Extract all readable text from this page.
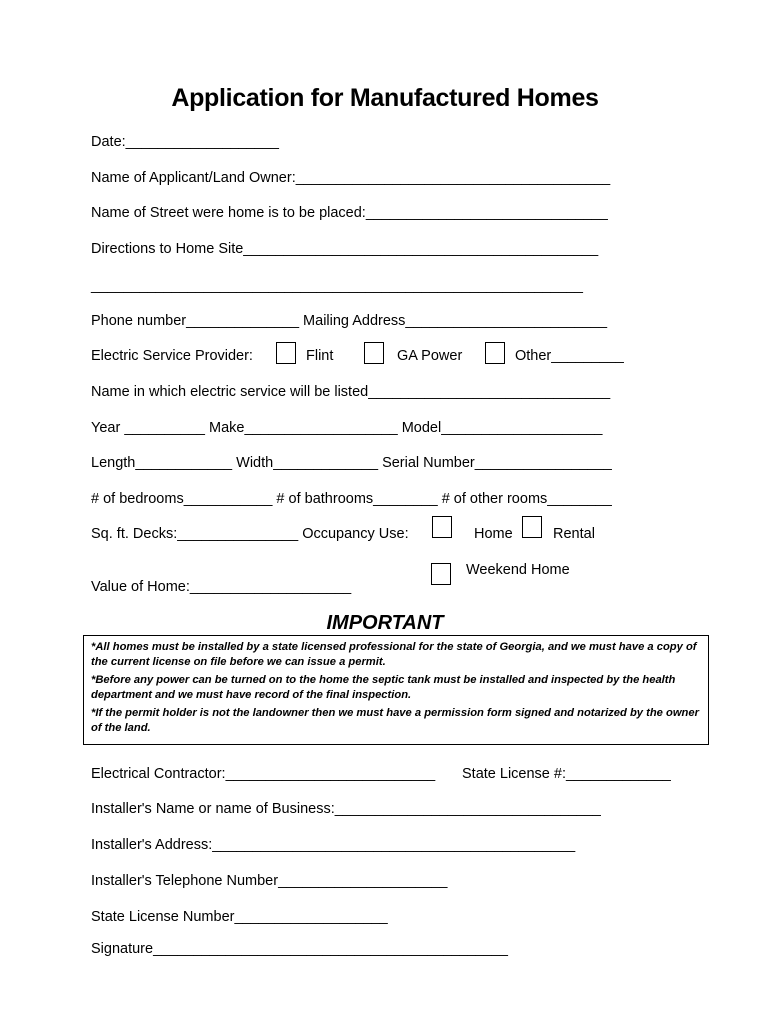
Application for Manufactured Homes
Date:___________________
Name of Applicant/Land Owner:_______________________________________
Name of Street were home is to be placed:______________________________
Directions to Home Site____________________________________________
_____________________________________________________________
Phone number______________ Mailing Address_________________________
Electric Service Provider:	Flint	GA Power	Other_________
Name in which electric service will be listed______________________________
Year __________ Make___________________ Model____________________
Length____________ Width_____________ Serial Number_________________
# of bedrooms___________ # of bathrooms________ # of other rooms________
Sq. ft. Decks:_______________ Occupancy Use:	Home	Rental
Weekend Home
Value of Home:____________________
IMPORTANT
*All homes must be installed by a state licensed professional for the state of Georgia, and we must have a copy of the current license on file before we can issue a permit.
*Before any power can be turned on to the home the septic tank must be installed and inspected by the health department and we must have record of the final inspection.
*If the permit holder is not the landowner then we must have a permission form signed and notarized by the owner of the land.
Electrical Contractor:__________________________ State License #:_____________
Installer's Name or name of Business:_________________________________
Installer's Address:_____________________________________________
Installer's Telephone Number_____________________
State License Number___________________
Signature____________________________________________
